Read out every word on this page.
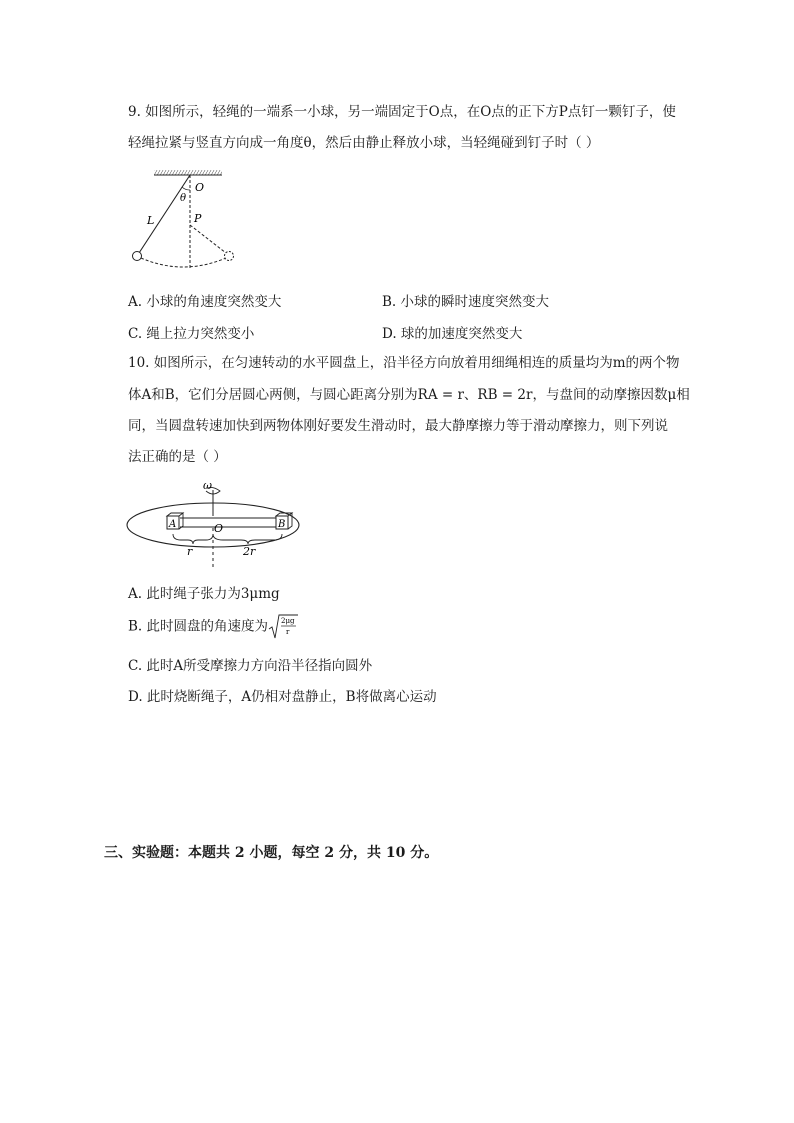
9. 如图所示，轻绳的一端系一小球，另一端固定于O点，在O点的正下方P点钉一颗钉子，使
轻绳拉紧与竖直方向成一角度θ，然后由静止释放小球，当轻绳碰到钉子时（ ）
O
θ
L	P
A. 小球的角速度突然变大	B. 小球的瞬时速度突然变大
C. 绳上拉力突然变小	D. 球的加速度突然变大
10. 如图所示，在匀速转动的水平圆盘上，沿半径方向放着用细绳相连的质量均为m的两个物
体A和B，它们分居圆心两侧，与圆心距离分别为RA = r、RB = 2r，与盘间的动摩擦因数μ相
同，当圆盘转速加快到两物体刚好要发生滑动时，最大静摩擦力等于滑动摩擦力，则下列说
法正确的是（ ）
ω
A	B
O
r	2r
A. 此时绳子张力为3μmg
B. 此时圆盘的角速度为 2μg
r
C. 此时A所受摩擦力方向沿半径指向圆外
D. 此时烧断绳子，A仍相对盘静止，B将做离心运动
三、实验题：本题共 2 小题，每空 2 分，共 10 分。
